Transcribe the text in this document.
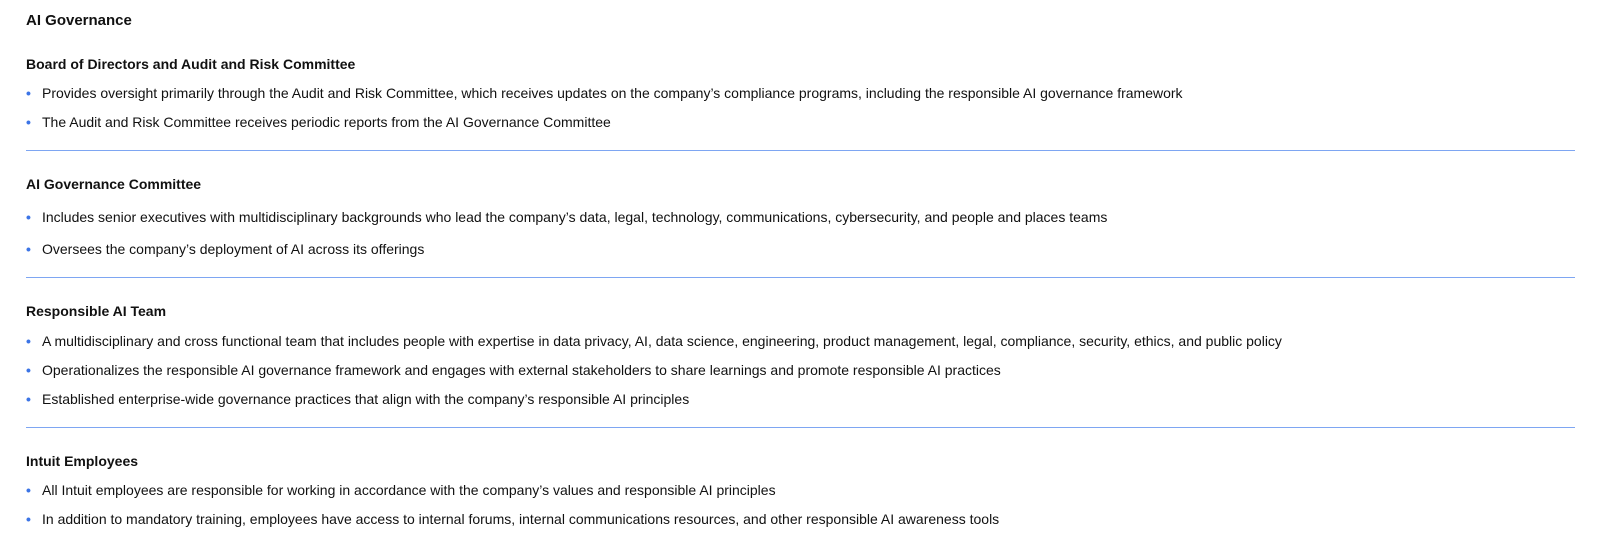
AI Governance
Board of Directors and Audit and Risk Committee
• Provides oversight primarily through the Audit and Risk Committee, which receives updates on the company’s compliance programs, including the responsible AI governance framework
• The Audit and Risk Committee receives periodic reports from the AI Governance Committee
AI Governance Committee
• Includes senior executives with multidisciplinary backgrounds who lead the company’s data, legal, technology, communications, cybersecurity, and people and places teams
• Oversees the company’s deployment of AI across its offerings
Responsible AI Team
• A multidisciplinary and cross functional team that includes people with expertise in data privacy, AI, data science, engineering, product management, legal, compliance, security, ethics, and public policy
• Operationalizes the responsible AI governance framework and engages with external stakeholders to share learnings and promote responsible AI practices
• Established enterprise-wide governance practices that align with the company’s responsible AI principles
Intuit Employees
• All Intuit employees are responsible for working in accordance with the company’s values and responsible AI principles
• In addition to mandatory training, employees have access to internal forums, internal communications resources, and other responsible AI awareness tools
